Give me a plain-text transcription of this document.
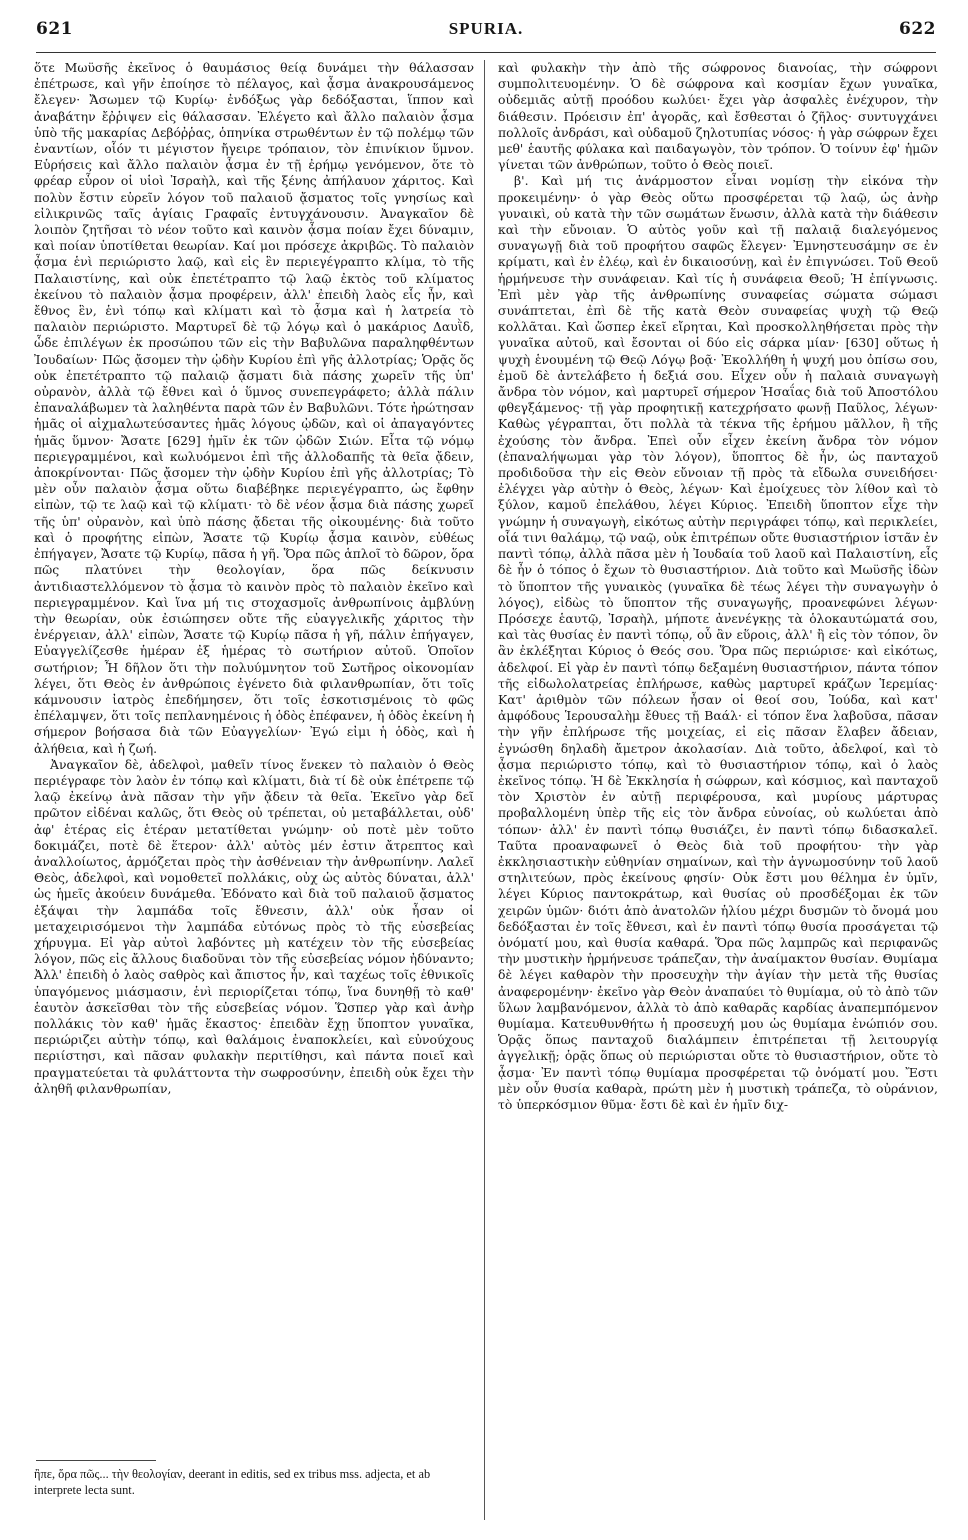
621	SPURIA.	622

ὅτε Μωϋσῆς ἐκεῖνος ὁ θαυμάσιος θείᾳ δυνάμει τὴν θάλασσαν ἐπέτρωσε, καὶ γῆν ἐποίησε τὸ πέλαγος, καὶ ᾆσμα ἀνακρουσάμενος ἔλεγεν· Ἄσωμεν τῷ Κυρίῳ· ἐνδόξως γὰρ δεδόξασται, ἵππον καὶ ἀναβάτην ἔῤῥιψεν εἰς θάλασσαν. Ἐλέγετο καὶ ἄλλο παλαιὸν ᾆσμα ὑπὸ τῆς μακαρίας Δεβόῤῥας, ὁπηνίκα στρωθέντων ἐν τῷ πολέμῳ τῶν ἐναντίων, οἷόν τι μέγιστον ἤγειρε τρόπαιον, τὸν ἐπινίκιον ὕμνον. Εὑρήσεις καὶ ἄλλο παλαιὸν ᾆσμα ἐν τῇ ἐρήμῳ γενόμενον, ὅτε τὸ φρέαρ εὗρον οἱ υἱοὶ Ἰσραὴλ, καὶ τῆς ξένης ἀπήλαυον χάριτος. Καὶ πολὺν ἔστιν εὑρεῖν λόγον τοῦ παλαιοῦ ᾄσματος τοῖς γνησίως καὶ εἰλικρινῶς ταῖς ἁγίαις Γραφαῖς ἐντυγχάνουσιν. Ἀναγκαῖον δὲ λοιπὸν ζητῆσαι τὸ νέον τοῦτο καὶ καινὸν ᾆσμα ποίαν ἔχει δύναμιν, καὶ ποίαν ὑποτίθεται θεωρίαν. Καί μοι πρόσεχε ἀκριβῶς. Τὸ παλαιὸν ᾆσμα ἑνὶ περιώριστο λαῷ, καὶ εἰς ἓν περιεγέγραπτο κλίμα, τὸ τῆς Παλαιστίνης, καὶ οὐκ ἐπετέτραπτο τῷ λαῷ ἐκτὸς τοῦ κλίματος ἐκείνου τὸ παλαιὸν ᾆσμα προφέρειν, ἀλλ' ἐπειδὴ λαὸς εἷς ἦν, καὶ ἔθνος ἓν, ἑνὶ τόπῳ καὶ κλίματι καὶ τὸ ᾆσμα καὶ ἡ λατρεία τὸ παλαιὸν περιώριστο. Μαρτυρεῖ δὲ τῷ λόγῳ καὶ ὁ μακάριος Δαυῒδ, ὧδε ἐπιλέγων ἐκ προσώπου τῶν εἰς τὴν Βαβυλῶνα παραληφθέντων Ἰουδαίων· Πῶς ᾄσομεν τὴν ᾠδὴν Κυρίου ἐπὶ γῆς ἀλλοτρίας; Ὁρᾷς ὅς οὐκ ἐπετέτραπτο τῷ παλαιῷ ᾄσματι διὰ πάσης χωρεῖν τῆς ὑπ' οὐρανὸν, ἀλλὰ τῷ ἔθνει καὶ ὁ ὕμνος συνεπεγράφετο; ἀλλὰ πάλιν ἐπαναλάβωμεν τὰ λαληθέντα παρὰ τῶν ἐν Βαβυλῶνι. Τότε ἠρώτησαν ἡμᾶς οἱ αἰχμαλωτεύσαντες ἡμᾶς λόγους ᾠδῶν, καὶ οἱ ἀπαγαγόντες ἡμᾶς ὕμνον· Ἄσατε [629] ἡμῖν ἐκ τῶν ᾠδῶν Σιών. Εἶτα τῷ νόμῳ περιεγραμμένοι, καὶ κωλυόμενοι ἐπὶ τῆς ἀλλοδαπῆς τὰ θεῖα ᾄδειν, ἀποκρίνονται· Πῶς ᾄσομεν τὴν ᾠδὴν Κυρίου ἐπὶ γῆς ἀλλοτρίας; Τὸ μὲν οὖν παλαιὸν ᾆσμα οὕτω διαβέβηκε περιεγέγραπτο, ὡς ἔφθην εἰπὼν, τῷ τε λαῷ καὶ τῷ κλίματι· τὸ δὲ νέον ᾆσμα διὰ πάσης χωρεῖ τῆς ὑπ' οὐρανὸν, καὶ ὑπὸ πάσης ᾄδεται τῆς οἰκουμένης· διὰ τοῦτο καὶ ὁ προφήτης εἰπὼν, Ἄσατε τῷ Κυρίῳ ᾆσμα καινὸν, εὐθέως ἐπήγαγεν, Ἄσατε τῷ Κυρίῳ, πᾶσα ἡ γῆ. Ὅρα πῶς ἁπλοῖ τὸ δῶρον, ὅρα πῶς πλατύνει τὴν θεολογίαν, ὅρα πῶς δείκνυσιν ἀντιδιαστελλόμενον τὸ ᾆσμα τὸ καινὸν πρὸς τὸ παλαιὸν ἐκεῖνο καὶ περιεγραμμένον. Καὶ ἵνα μή τις στοχασμοῖς ἀνθρωπίνοις ἀμβλύνῃ τὴν θεωρίαν, οὐκ ἐσιώπησεν οὔτε τῆς εὐαγγελικῆς χάριτος τὴν ἐνέργειαν, ἀλλ' εἰπὼν, Ἄσατε τῷ Κυρίῳ πᾶσα ἡ γῆ, πάλιν ἐπήγαγεν, Εὐαγγελίζεσθε ἡμέραν ἐξ ἡμέρας τὸ σωτήριον αὐτοῦ. Ὁποῖον σωτήριον; Ἦ δῆλον ὅτι τὴν πολυύμνητον τοῦ Σωτῆρος οἰκονομίαν λέγει, ὅτι Θεὸς ἐν ἀνθρώποις ἐγένετο διὰ φιλανθρωπίαν, ὅτι τοῖς κάμνουσιν ἰατρὸς ἐπεδήμησεν, ὅτι τοῖς ἐσκοτισμένοις τὸ φῶς ἐπέλαμψεν, ὅτι τοῖς πεπλανημένοις ἡ ὁδὸς ἐπέφανεν, ἡ ὁδὸς ἐκείνη ἡ σήμερον βοήσασα διὰ τῶν Εὐαγγελίων· Ἐγώ εἰμι ἡ ὁδὸς, καὶ ἡ ἀλήθεια, καὶ ἡ ζωή.

Ἀναγκαῖον δὲ, ἀδελφοὶ, μαθεῖν τίνος ἕνεκεν τὸ παλαιὸν ὁ Θεὸς περιέγραφε τὸν λαὸν ἐν τόπῳ καὶ κλίματι, διὰ τί δὲ οὐκ ἐπέτρεπε τῷ λαῷ ἐκείνῳ ἀνὰ πᾶσαν τὴν γῆν ᾄδειν τὰ θεῖα. Ἐκεῖνο γὰρ δεῖ πρῶτον εἰδέναι καλῶς, ὅτι Θεὸς οὐ τρέπεται, οὐ μεταβάλλεται, οὐδ' ἀφ' ἑτέρας εἰς ἑτέραν μετατίθεται γνώμην· οὐ ποτὲ μὲν τοῦτο δοκιμάζει, ποτὲ δὲ ἕτερον· ἀλλ' αὐτὸς μέν ἐστιν ἄτρεπτος καὶ ἀναλλοίωτος, ἁρμόζεται πρὸς τὴν ἀσθένειαν τὴν ἀνθρωπίνην. Λαλεῖ Θεὸς, ἀδελφοὶ, καὶ νομοθετεῖ πολλάκις, οὐχ ὡς αὐτὸς δύναται, ἀλλ' ὡς ἡμεῖς ἀκούειν δυνάμεθα. Ἐδόνατο καὶ διὰ τοῦ παλαιοῦ ᾄσματος ἐξάψαι τὴν λαμπάδα τοῖς ἔθνεσιν, ἀλλ' οὐκ ἦσαν οἱ μεταχειρισόμενοι τὴν λαμπάδα εὐτόνως πρὸς τὸ τῆς εὐσεβείας χήρυγμα. Εἰ γὰρ αὐτοὶ λαβόντες μὴ κατέχειν τὸν τῆς εὐσεβείας λόγον, πῶς εἰς ἄλλους διαδοῦναι τὸν τῆς εὐσεβείας νόμον ἠδύναντο; Ἀλλ' ἐπειδὴ ὁ λαὸς σαθρὸς καὶ ἄπιστος ἦν, καὶ ταχέως τοῖς ἐθνικοῖς ὑπαγόμενος μιάσμασιν, ἑνὶ περιορίζεται τόπῳ, ἵνα δυνηθῇ τὸ καθ' ἑαυτὸν ἀσκεῖσθαι τὸν τῆς εὐσεβείας νόμον. Ὥσπερ γὰρ καὶ ἀνὴρ πολλάκις τὸν καθ' ἡμᾶς ἕκαστος· ἐπειδὰν ἔχῃ ὕποπτον γυναῖκα, περιώριζει αὐτὴν τόπῳ, καὶ θαλάμοις ἐναποκλείει, καὶ εὐνούχους περιίστησι, καὶ πᾶσαν φυλακὴν περιτίθησι, καὶ πάντα ποιεῖ καὶ πραγματεύεται τὰ φυλάττοντα τὴν σωφροσύνην, ἐπειδὴ οὐκ ἔχει τὴν ἀληθῆ φιλανθρωπίαν,

καὶ φυλακὴν τὴν ἀπὸ τῆς σώφρονος διανοίας, τὴν σώφρονι συμπολιτευομένην. Ὁ δὲ σώφρονα καὶ κοσμίαν ἔχων γυναῖκα, οὐδεμιᾶς αὐτῇ προόδου κωλύει· ἔχει γὰρ ἀσφαλὲς ἐνέχυρον, τὴν διάθεσιν. Πρόεισιν ἐπ' ἀγορᾶς, καὶ ἔσθεσται ὁ ζῆλος· συντυγχάνει πολλοῖς ἀνδράσι, καὶ οὐδαμοῦ ζηλοτυπίας νόσος· ἡ γὰρ σώφρων ἔχει μεθ' ἑαυτῆς φύλακα καὶ παιδαγωγὸν, τὸν τρόπον. Ὁ τοίνυν ἐφ' ἡμῶν γίνεται τῶν ἀνθρώπων, τοῦτο ὁ Θεὸς ποιεῖ.

β'. Καὶ μή τις ἀνάρμοστον εἶναι νομίσῃ τὴν εἰκόνα τὴν προκειμένην· ὁ γὰρ Θεὸς οὕτω προσφέρεται τῷ λαῷ, ὡς ἀνὴρ γυναικὶ, οὐ κατὰ τὴν τῶν σωμάτων ἕνωσιν, ἀλλὰ κατὰ τὴν διάθεσιν καὶ τὴν εὔνοιαν. Ὁ αὐτὸς γοῦν καὶ τῇ παλαιᾷ διαλεγόμενος συναγωγῇ διὰ τοῦ προφήτου σαφῶς ἔλεγεν· Ἐμνηστευσάμην σε ἐν κρίματι, καὶ ἐν ἐλέῳ, καὶ ἐν δικαιοσύνῃ, καὶ ἐν ἐπιγνώσει. Τοῦ Θεοῦ ἡρμήνευσε τὴν συνάφειαν. Καὶ τίς ἡ συνάφεια Θεοῦ; Ἡ ἐπίγνωσις. Ἐπὶ μὲν γὰρ τῆς ἀνθρωπίνης συναφείας σώματα σώμασι συνάπτεται, ἐπὶ δὲ τῆς κατὰ Θεὸν συναφείας ψυχὴ τῷ Θεῷ κολλᾶται. Καὶ ὥσπερ ἐκεῖ εἴρηται, Καὶ προσκολληθήσεται πρὸς τὴν γυναῖκα αὐτοῦ, καὶ ἔσονται οἱ δύο εἰς σάρκα μίαν· [630] οὕτως ἡ ψυχὴ ἑνουμένη τῷ Θεῷ Λόγῳ βοᾷ· Ἐκολλήθη ἡ ψυχή μου ὀπίσω σου, ἐμοῦ δὲ ἀντελάβετο ἡ δεξιά σου. Εἶχεν οὖν ἡ παλαιὰ συναγωγὴ ἄνδρα τὸν νόμον, καὶ μαρτυρεῖ σήμερον Ἡσαΐας διὰ τοῦ Ἀποστόλου φθεγξάμενος· τῇ γὰρ προφητικῇ κατεχρήσατο φωνῇ Παῦλος, λέγων· Καθὼς γέγραπται, ὅτι πολλὰ τὰ τέκνα τῆς ἐρήμου μᾶλλον, ἢ τῆς ἐχούσης τὸν ἄνδρα. Ἐπεὶ οὖν εἶχεν ἐκείνη ἄνδρα τὸν νόμον (ἐπαναλήψωμαι γὰρ τὸν λόγον), ὕποπτος δὲ ἦν, ὡς πανταχοῦ προδιδοῦσα τὴν εἰς Θεὸν εὔνοιαν τῇ πρὸς τὰ εἴδωλα συνειδήσει· ἐλέγχει γὰρ αὐτὴν ὁ Θεὸς, λέγων· Καὶ ἐμοίχευες τὸν λίθον καὶ τὸ ξύλον, καμοῦ ἐπελάθου, λέγει Κύριος. Ἐπειδὴ ὕποπτον εἶχε τὴν γνώμην ἡ συναγωγὴ, εἰκότως αὐτὴν περιγράφει τόπῳ, καὶ περικλείει, οἷά τινι θαλάμῳ, τῷ ναῷ, οὐκ ἐπιτρέπων οὔτε θυσιαστήριον ἱστᾶν ἐν παντὶ τόπῳ, ἀλλὰ πᾶσα μὲν ἡ Ἰουδαία τοῦ λαοῦ καὶ Παλαιστίνη, εἷς δὲ ἦν ὁ τόπος ὁ ἔχων τὸ θυσιαστήριον. Διὰ τοῦτο καὶ Μωϋσῆς ἰδὼν τὸ ὕποπτον τῆς γυναικὸς (γυναῖκα δὲ τέως λέγει τὴν συναγωγὴν ὁ λόγος), εἰδὼς τὸ ὕποπτον τῆς συναγωγῆς, προανεφώνει λέγων· Πρόσεχε ἑαυτῷ, Ἰσραὴλ, μήποτε ἀνενέγκῃς τὰ ὁλοκαυτώματά σου, καὶ τὰς θυσίας ἐν παντὶ τόπῳ, οὗ ἂν εὕροις, ἀλλ' ἢ εἰς τὸν τόπον, ὃν ἂν ἐκλέξηται Κύριος ὁ Θεός σου. Ὅρα πῶς περιώρισε· καὶ εἰκότως, ἀδελφοί. Εἰ γὰρ ἐν παντὶ τόπῳ δεξαμένη θυσιαστήριον, πάντα τόπον τῆς εἰδωλολατρείας ἐπλήρωσε, καθὼς μαρτυρεῖ κράζων Ἱερεμίας· Κατ' ἀριθμὸν τῶν πόλεων ἦσαν οἱ θεοί σου, Ἰούδα, καὶ κατ' ἀμφόδους Ἱερουσαλὴμ ἔθυες τῇ Βαάλ· εἰ τόπον ἕνα λαβοῦσα, πᾶσαν τὴν γῆν ἐπλήρωσε τῆς μοιχείας, εἰ εἰς πᾶσαν ἔλαβεν ἄδειαν, ἐγνώσθη δηλαδὴ ἄμετρον ἀκολασίαν. Διὰ τοῦτο, ἀδελφοί, καὶ τὸ ᾆσμα περιώριστο τόπῳ, καὶ τὸ θυσιαστήριον τόπῳ, καὶ ὁ λαὸς ἐκεῖνος τόπῳ. Ἡ δὲ Ἐκκλησία ἡ σώφρων, καὶ κόσμιος, καὶ πανταχοῦ τὸν Χριστὸν ἐν αὐτῇ περιφέρουσα, καὶ μυρίους μάρτυρας προβαλλομένη ὑπὲρ τῆς εἰς τὸν ἄνδρα εὐνοίας, οὐ κωλύεται ἀπὸ τόπων· ἀλλ' ἐν παντὶ τόπῳ θυσιάζει, ἐν παντὶ τόπῳ διδασκαλεῖ. Ταῦτα προαναφωνεῖ ὁ Θεὸς διὰ τοῦ προφήτου· τὴν γὰρ ἐκκλησιαστικὴν εὐθηνίαν σημαίνων, καὶ τὴν ἁγνωμοσύνην τοῦ λαοῦ στηλιτεύων, πρὸς ἐκείνους φησίν· Οὐκ ἔστι μου θέλημα ἐν ὑμῖν, λέγει Κύριος παντοκράτωρ, καὶ θυσίας οὐ προσδέξομαι ἐκ τῶν χειρῶν ὑμῶν· διότι ἀπὸ ἀνατολῶν ἡλίου μέχρι δυσμῶν τὸ ὄνομά μου δεδόξασται ἐν τοῖς ἔθνεσι, καὶ ἐν παντὶ τόπῳ θυσία προσάγεται τῷ ὀνόματί μου, καὶ θυσία καθαρά. Ὅρα πῶς λαμπρῶς καὶ περιφανῶς τὴν μυστικὴν ἡρμήνευσε τράπεζαν, τὴν ἀναίμακτον θυσίαν. Θυμίαμα δὲ λέγει καθαρὸν τὴν προσευχὴν τὴν ἁγίαν τὴν μετὰ τῆς θυσίας ἀναφερομένην· ἐκεῖνο γὰρ Θεὸν ἀναπαύει τὸ θυμίαμα, οὐ τὸ ἀπὸ τῶν ὕλων λαμβανόμενον, ἀλλὰ τὸ ἀπὸ καθαρᾶς καρδίας ἀναπεμπόμενον θυμίαμα. Κατευθυνθήτω ἡ προσευχή μου ὡς θυμίαμα ἐνώπιόν σου. Ὁρᾷς ὅπως πανταχοῦ διαλάμπειν ἐπιτρέπεται τῇ λειτουργίᾳ ἀγγελικῇ; ὁρᾷς ὅπως οὐ περιώρισται οὔτε τὸ θυσιαστήριον, οὔτε τὸ ᾆσμα· Ἐν παντὶ τόπῳ θυμίαμα προσφέρεται τῷ ὀνόματί μου. Ἔστι μὲν οὖν θυσία καθαρὰ, πρώτη μὲν ἡ μυστικὴ τράπεζα, τὸ οὐράνιον, τὸ ὑπερκόσμιον θῦμα· ἔστι δὲ καὶ ἐν ἡμῖν διχ-

ἢπε, ὅρα πῶς... τὴν θεολογίαν, deerant in editis, sed ex tribus mss. adjecta, et ab interprete lecta sunt.
